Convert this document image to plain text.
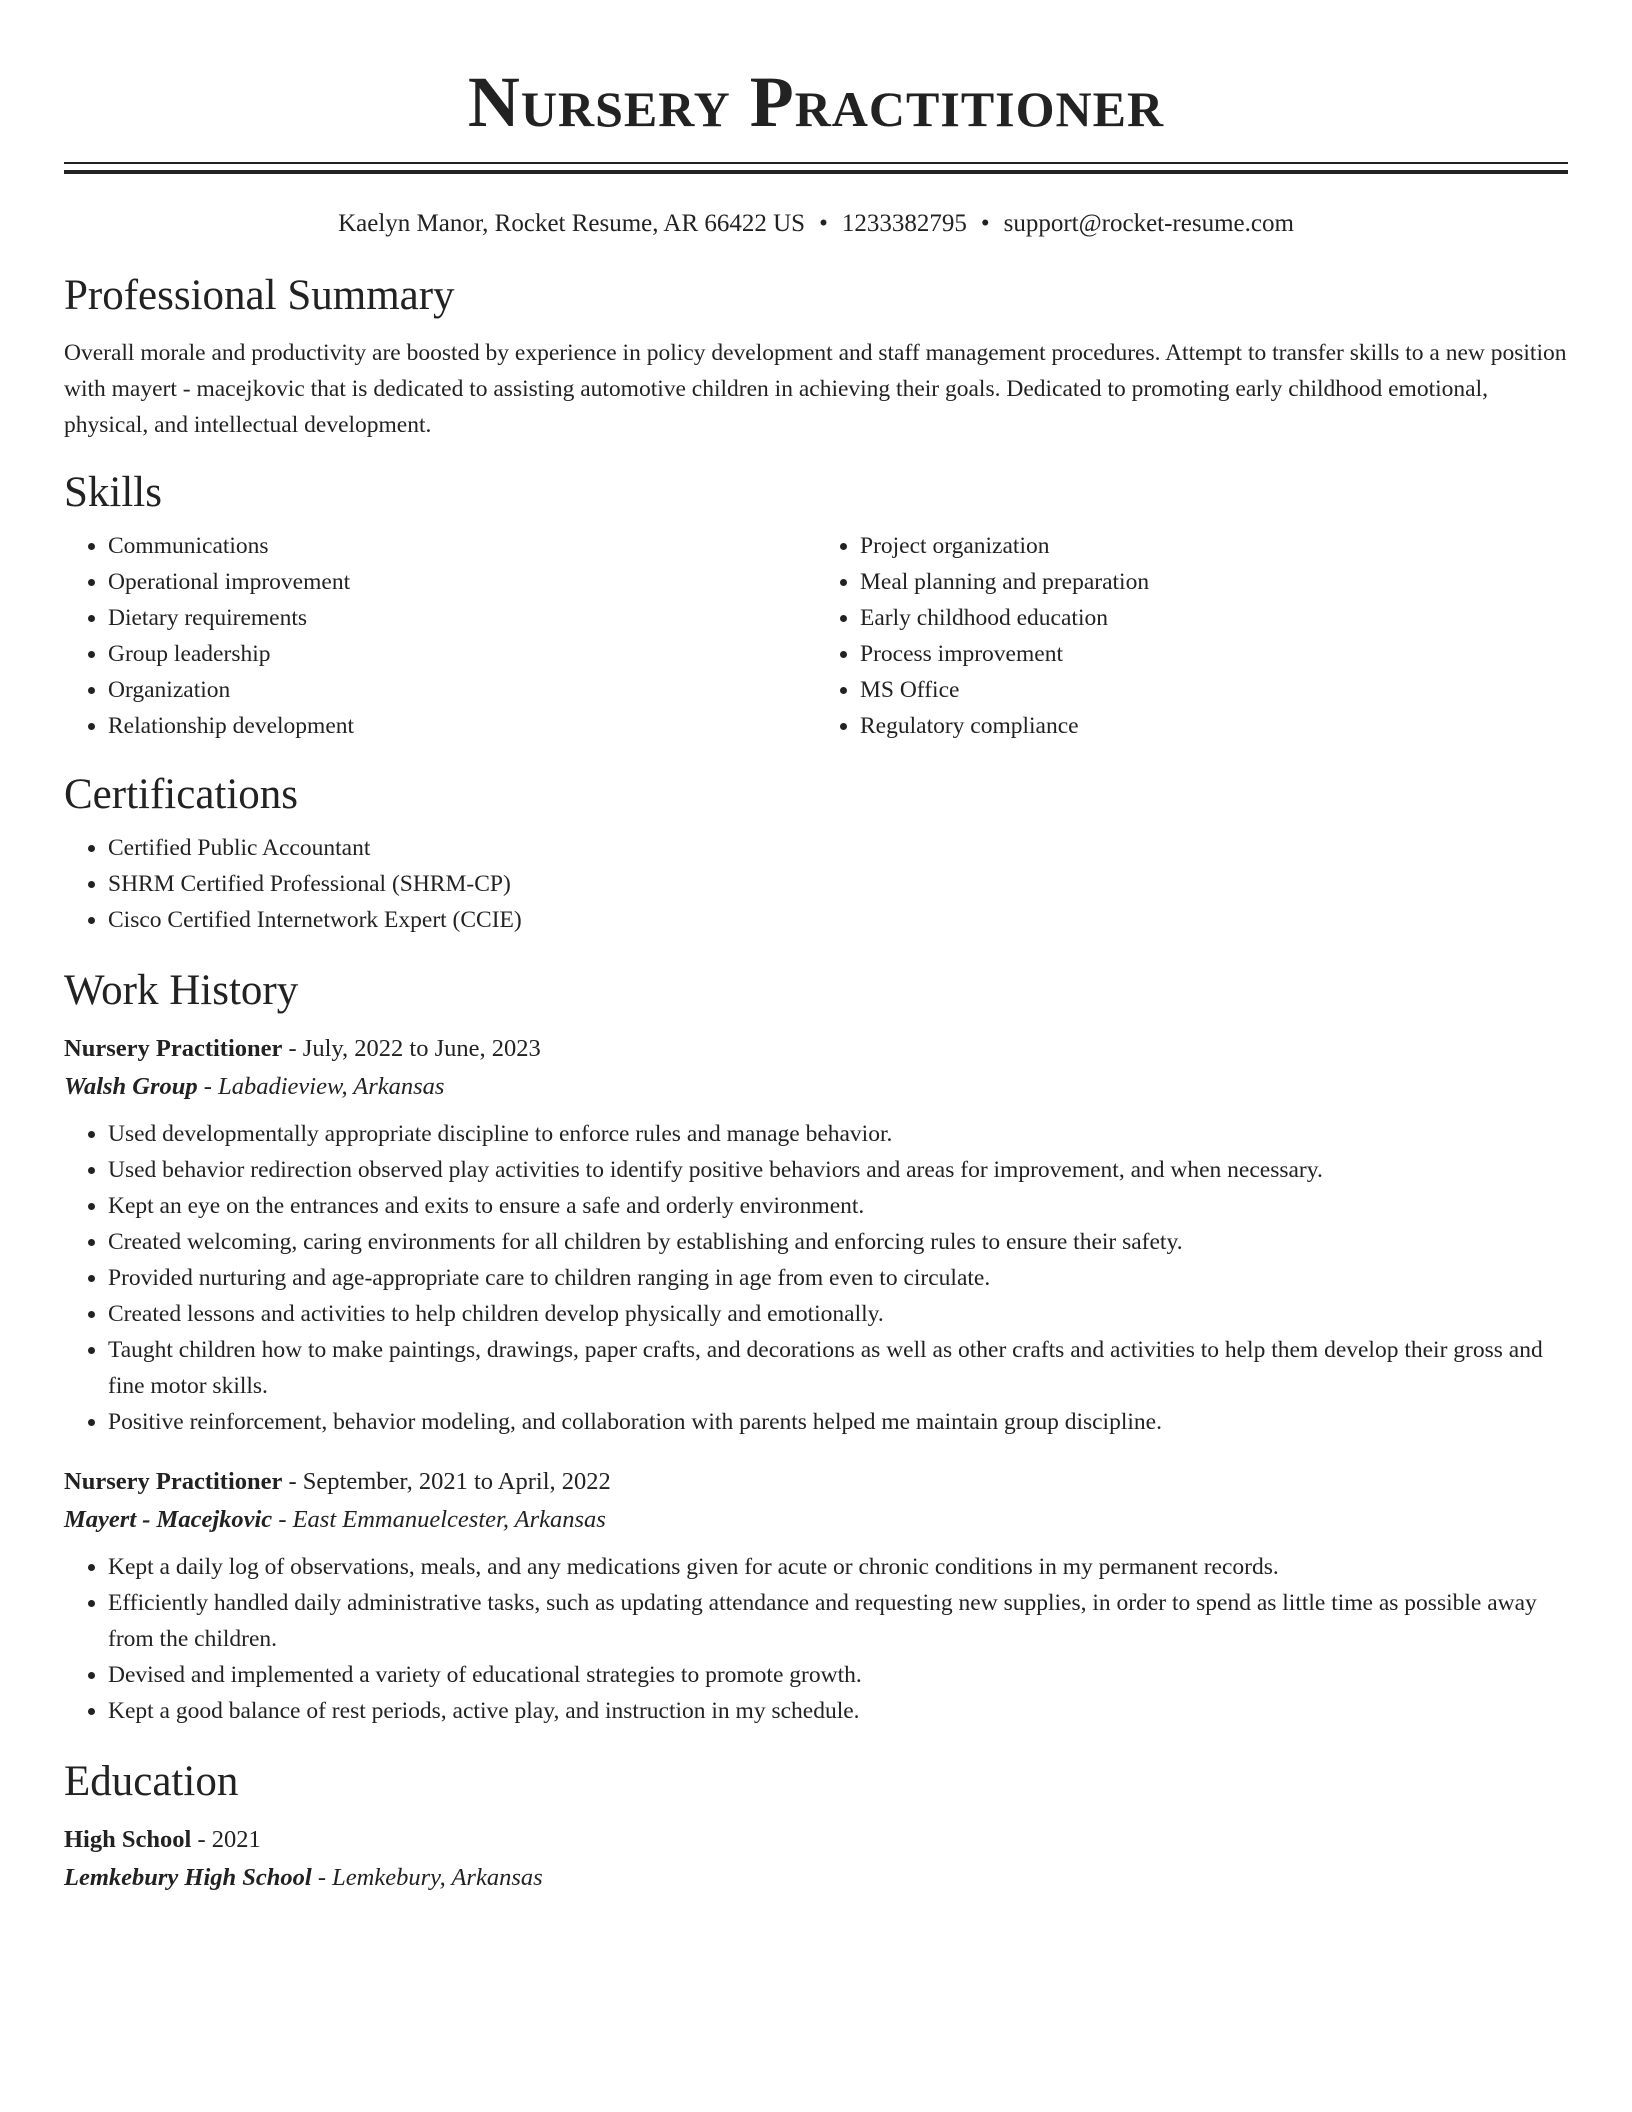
Nursery Practitioner
Kaelyn Manor, Rocket Resume, AR 66422 US • 1233382795 • support@rocket-resume.com
Professional Summary

Overall morale and productivity are boosted by experience in policy development and staff management procedures. Attempt to transfer skills to a new position with mayert - macejkovic that is dedicated to assisting automotive children in achieving their goals. Dedicated to promoting early childhood emotional, physical, and intellectual development.

Skills
• Communications
• Operational improvement
• Dietary requirements
• Group leadership
• Organization
• Relationship development
• Project organization
• Meal planning and preparation
• Early childhood education
• Process improvement
• MS Office
• Regulatory compliance
Certifications
• Certified Public Accountant
• SHRM Certified Professional (SHRM-CP)
• Cisco Certified Internetwork Expert (CCIE)
Work History
Nursery Practitioner - July, 2022 to June, 2023
Walsh Group - Labadieview, Arkansas
• Used developmentally appropriate discipline to enforce rules and manage behavior.
• Used behavior redirection observed play activities to identify positive behaviors and areas for improvement, and when necessary.
• Kept an eye on the entrances and exits to ensure a safe and orderly environment.
• Created welcoming, caring environments for all children by establishing and enforcing rules to ensure their safety.
• Provided nurturing and age-appropriate care to children ranging in age from even to circulate.
• Created lessons and activities to help children develop physically and emotionally.
• Taught children how to make paintings, drawings, paper crafts, and decorations as well as other crafts and activities to help them develop their gross and fine motor skills.
• Positive reinforcement, behavior modeling, and collaboration with parents helped me maintain group discipline.
Nursery Practitioner - September, 2021 to April, 2022
Mayert - Macejkovic - East Emmanuelcester, Arkansas
• Kept a daily log of observations, meals, and any medications given for acute or chronic conditions in my permanent records.
• Efficiently handled daily administrative tasks, such as updating attendance and requesting new supplies, in order to spend as little time as possible away from the children.
• Devised and implemented a variety of educational strategies to promote growth.
• Kept a good balance of rest periods, active play, and instruction in my schedule.
Education
High School - 2021
Lemkebury High School - Lemkebury, Arkansas
